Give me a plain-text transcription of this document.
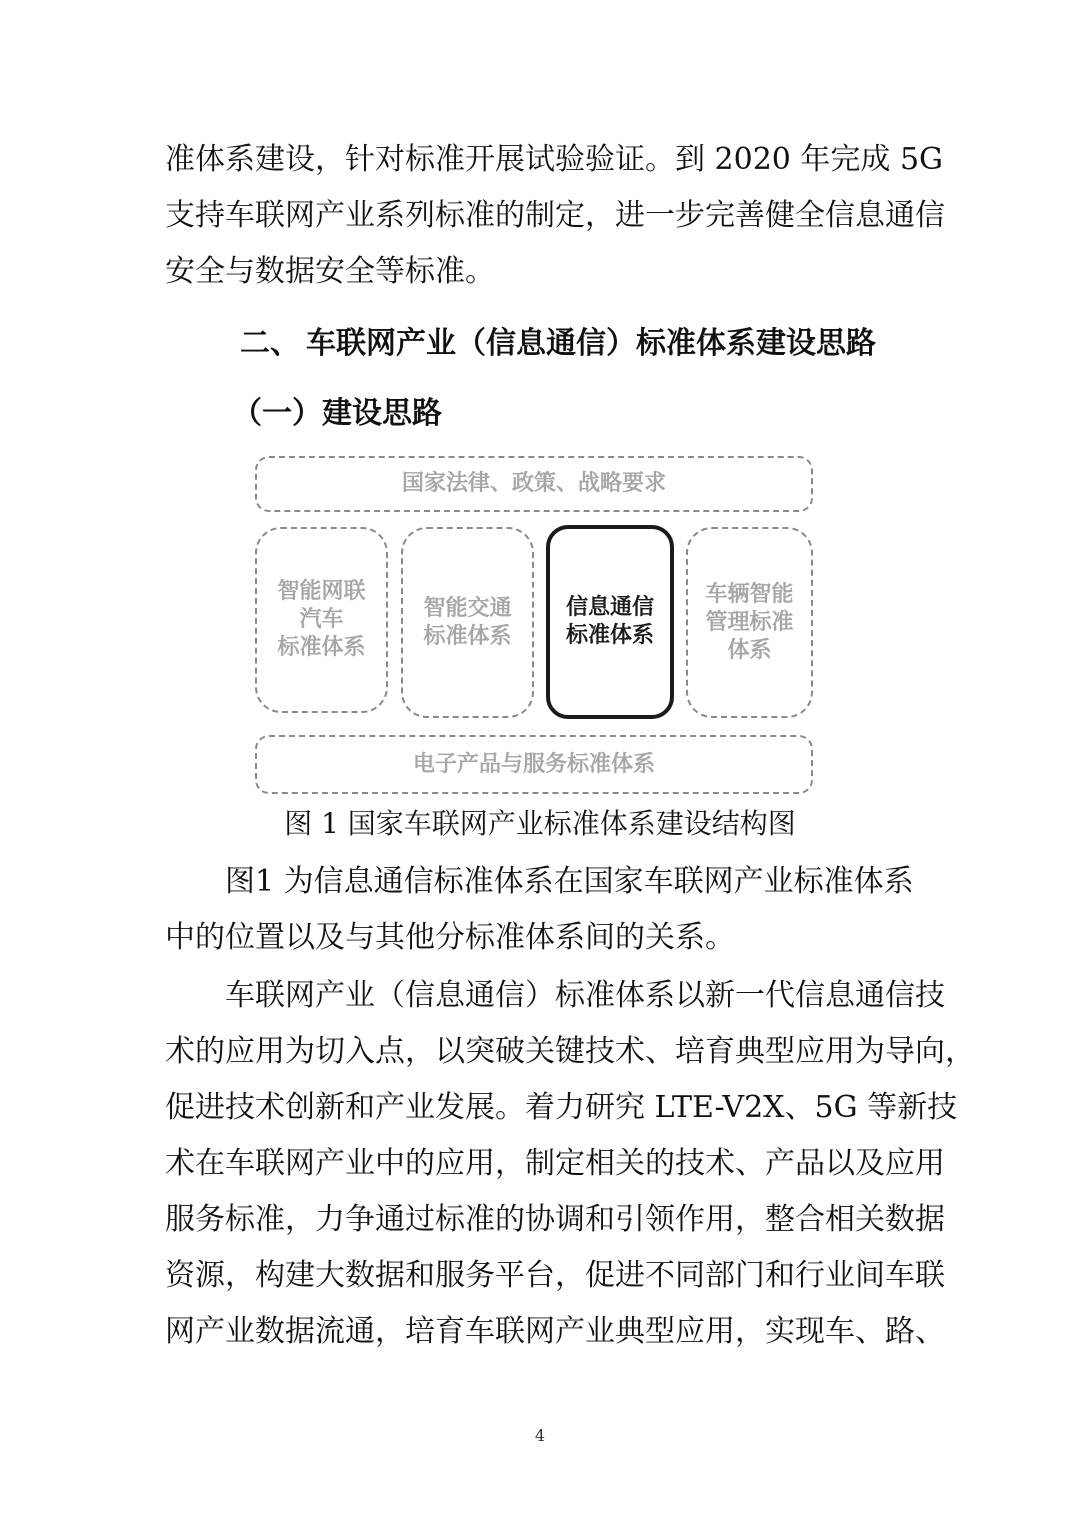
准体系建设，针对标准开展试验验证。到 2020 年完成 5G
支持车联网产业系列标准的制定，进一步完善健全信息通信
安全与数据安全等标准。
二、 车联网产业（信息通信）标准体系建设思路
（一）建设思路
国家法律、政策、战略要求
智能网联
汽车
标准体系
智能交通
标准体系
信息通信
标准体系
车辆智能
管理标准
体系
电子产品与服务标准体系
图 1 国家车联网产业标准体系建设结构图
图1 为信息通信标准体系在国家车联网产业标准体系
中的位置以及与其他分标准体系间的关系。
车联网产业（信息通信）标准体系以新一代信息通信技
术的应用为切入点，以突破关键技术、培育典型应用为导向，
促进技术创新和产业发展。着力研究 LTE-V2X、5G 等新技
术在车联网产业中的应用，制定相关的技术、产品以及应用
服务标准，力争通过标准的协调和引领作用，整合相关数据
资源，构建大数据和服务平台，促进不同部门和行业间车联
网产业数据流通，培育车联网产业典型应用，实现车、路、
4
